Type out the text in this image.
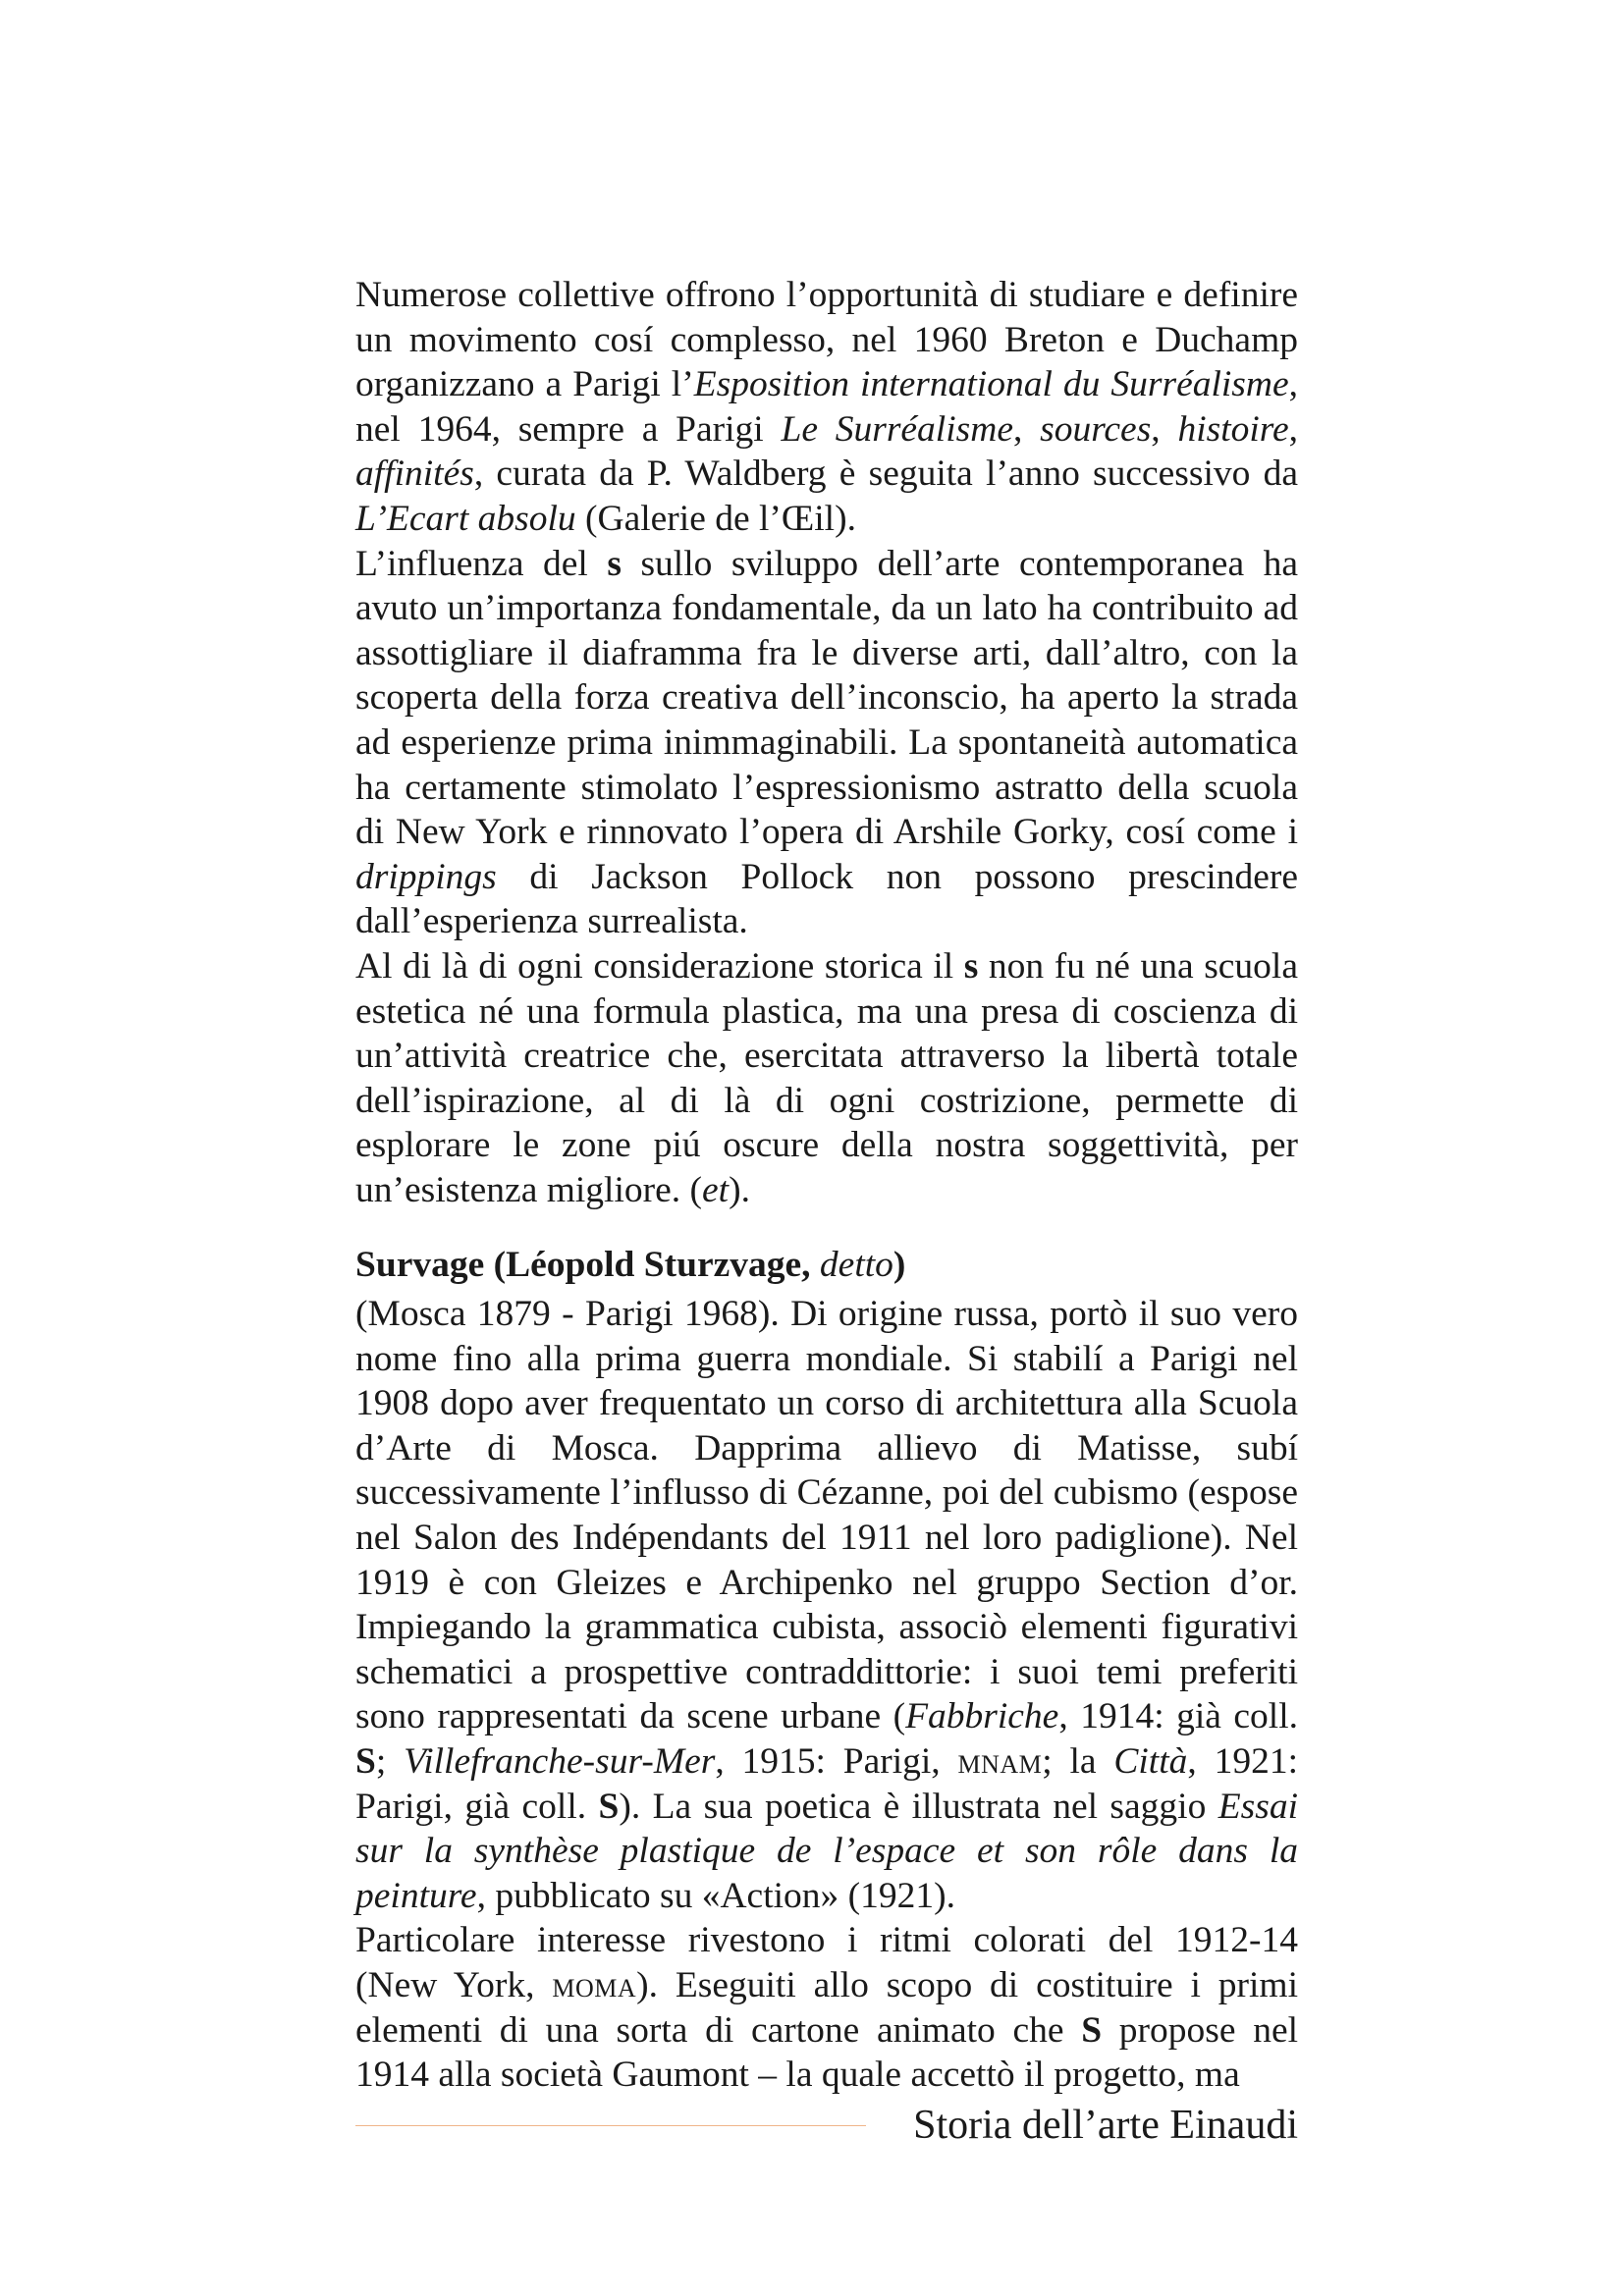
Numerose collettive offrono l’opportunità di studiare e definire un movimento cosí complesso, nel 1960 Breton e Duchamp organizzano a Parigi l’Esposition international du Surréalisme, nel 1964, sempre a Parigi Le Surréalisme, sources, histoire, affinités, curata da P. Waldberg è seguita l’anno successivo da L’Ecart absolu (Galerie de l’Œil).

L’influenza del s sullo sviluppo dell’arte contemporanea ha avuto un’importanza fondamentale, da un lato ha contribuito ad assottigliare il diaframma fra le diverse arti, dall’altro, con la scoperta della forza creativa dell’inconscio, ha aperto la strada ad esperienze prima inimmaginabili. La spontaneità automatica ha certamente stimolato l’espressionismo astratto della scuola di New York e rinnovato l’opera di Arshile Gorky, cosí come i drippings di Jackson Pollock non possono prescindere dall’esperienza surrealista.

Al di là di ogni considerazione storica il s non fu né una scuola estetica né una formula plastica, ma una presa di coscienza di un’attività creatrice che, esercitata attraverso la libertà totale dell’ispirazione, al di là di ogni costrizione, permette di esplorare le zone piú oscure della nostra soggettività, per un’esistenza migliore. (et).

Survage (Léopold Sturzvage, detto)

(Mosca 1879 - Parigi 1968). Di origine russa, portò il suo vero nome fino alla prima guerra mondiale. Si stabilí a Parigi nel 1908 dopo aver frequentato un corso di architettura alla Scuola d’Arte di Mosca. Dapprima allievo di Matisse, subí successivamente l’influsso di Cézanne, poi del cubismo (espose nel Salon des Indépendants del 1911 nel loro padiglione). Nel 1919 è con Gleizes e Archipenko nel gruppo Section d’or. Impiegando la grammatica cubista, associò elementi figurativi schematici a prospettive contraddittorie: i suoi temi preferiti sono rappresentati da scene urbane (Fabbriche, 1914: già coll. S; Villefranche-sur-Mer, 1915: Parigi, mnam; la Città, 1921: Parigi, già coll. S). La sua poetica è illustrata nel saggio Essai sur la synthèse plastique de l’espace et son rôle dans la peinture, pubblicato su «Action» (1921).

Particolare interesse rivestono i ritmi colorati del 1912-14 (New York, moma). Eseguiti allo scopo di costituire i primi elementi di una sorta di cartone animato che S propose nel 1914 alla società Gaumont – la quale accettò il progetto, ma

Storia dell’arte Einaudi
